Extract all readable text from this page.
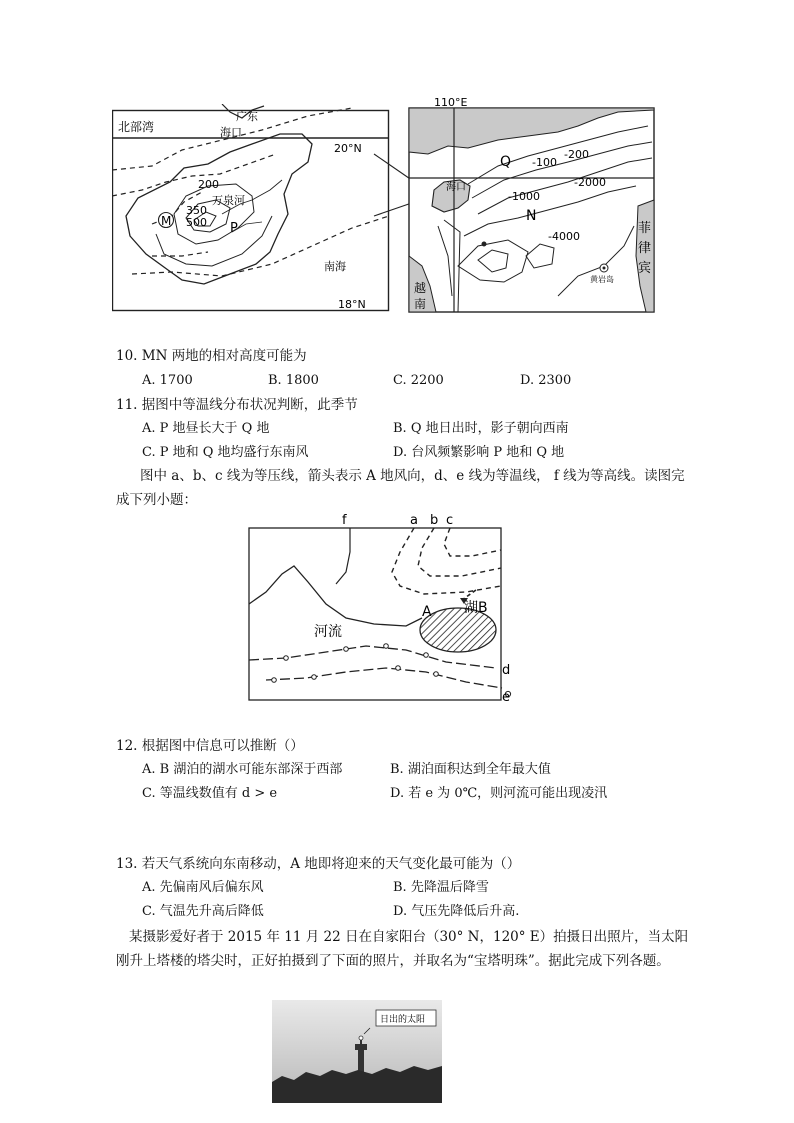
M	P
北部湾
广东
海口
20°N
200
万泉河
350
500
南海
18°N
110°E
Q -100
-200
海口	-2000
-1000
N
-4000
菲
律
宾
黄岩岛
越
南
10. MN 两地的相对高度可能为
A. 1700	B. 1800	C. 2200	D. 2300
11. 据图中等温线分布状况判断，此季节
A. P 地昼长大于 Q 地	B. Q 地日出时，影子朝向西南
C. P 地和 Q 地均盛行东南风	D. 台风频繁影响 P 地和 Q 地
图中 a、b、c 线为等压线，箭头表示 A 地风向，d、e 线为等温线， f 线为等高线。读图完成下列小题：
f	a b c
河流
A 湖B
d
e
12. 根据图中信息可以推断（）
A. B 湖泊的湖水可能东部深于西部	B. 湖泊面积达到全年最大值
C. 等温线数值有 d > e	D. 若 e 为 0℃，则河流可能出现凌汛
13. 若天气系统向东南移动，A 地即将迎来的天气变化最可能为（）
A. 先偏南风后偏东风	B. 先降温后降雪
C. 气温先升高后降低	D. 气压先降低后升高.
某摄影爱好者于 2015 年 11 月 22 日在自家阳台（30° N，120° E）拍摄日出照片，当太阳刚升上塔楼的塔尖时，正好拍摄到了下面的照片，并取名为“宝塔明珠”。据此完成下列各题。
日出的太阳
